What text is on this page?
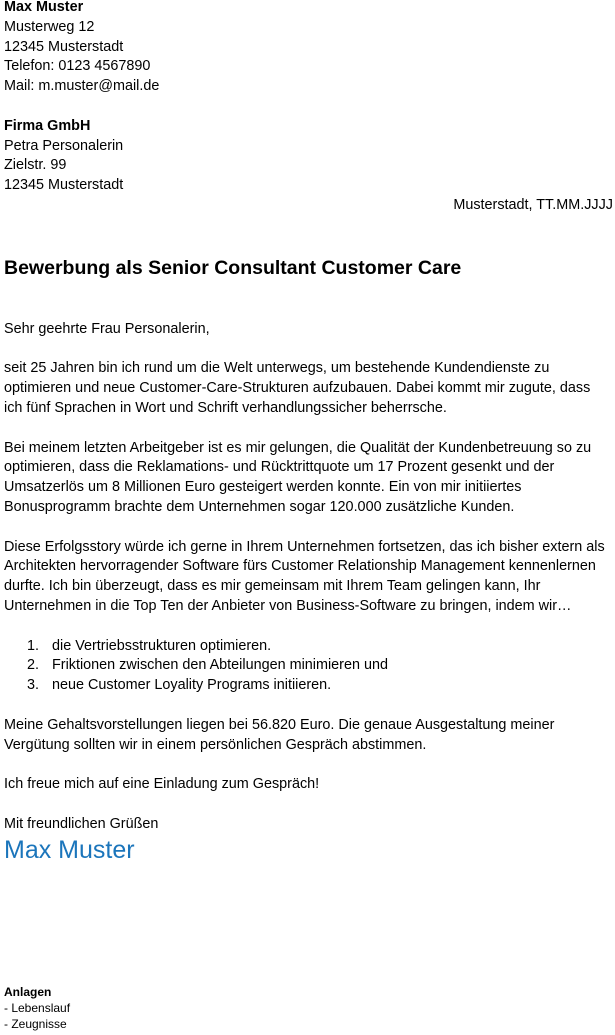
Max Muster
Musterweg 12
12345 Musterstadt
Telefon: 0123 4567890
Mail: m.muster@mail.de
Firma GmbH
Petra Personalerin
Zielstr. 99
12345 Musterstadt
Musterstadt, TT.MM.JJJJ
Bewerbung als Senior Consultant Customer Care
Sehr geehrte Frau Personalerin,

seit 25 Jahren bin ich rund um die Welt unterwegs, um bestehende Kundendienste zu optimieren und neue Customer-Care-Strukturen aufzubauen. Dabei kommt mir zugute, dass ich fünf Sprachen in Wort und Schrift verhandlungssicher beherrsche.

Bei meinem letzten Arbeitgeber ist es mir gelungen, die Qualität der Kundenbetreuung so zu optimieren, dass die Reklamations- und Rücktrittquote um 17 Prozent gesenkt und der Umsatzerlös um 8 Millionen Euro gesteigert werden konnte. Ein von mir initiiertes Bonusprogramm brachte dem Unternehmen sogar 120.000 zusätzliche Kunden.

Diese Erfolgsstory würde ich gerne in Ihrem Unternehmen fortsetzen, das ich bisher extern als Architekten hervorragender Software fürs Customer Relationship Management kennenlernen durfte. Ich bin überzeugt, dass es mir gemeinsam mit Ihrem Team gelingen kann, Ihr Unternehmen in die Top Ten der Anbieter von Business-Software zu bringen, indem wir…

1. die Vertriebsstrukturen optimieren.
2. Friktionen zwischen den Abteilungen minimieren und
3. neue Customer Loyality Programs initiieren.

Meine Gehaltsvorstellungen liegen bei 56.820 Euro. Die genaue Ausgestaltung meiner Vergütung sollten wir in einem persönlichen Gespräch abstimmen.

Ich freue mich auf eine Einladung zum Gespräch!

Mit freundlichen Grüßen
Max Muster
Anlagen
- Lebenslauf
- Zeugnisse
